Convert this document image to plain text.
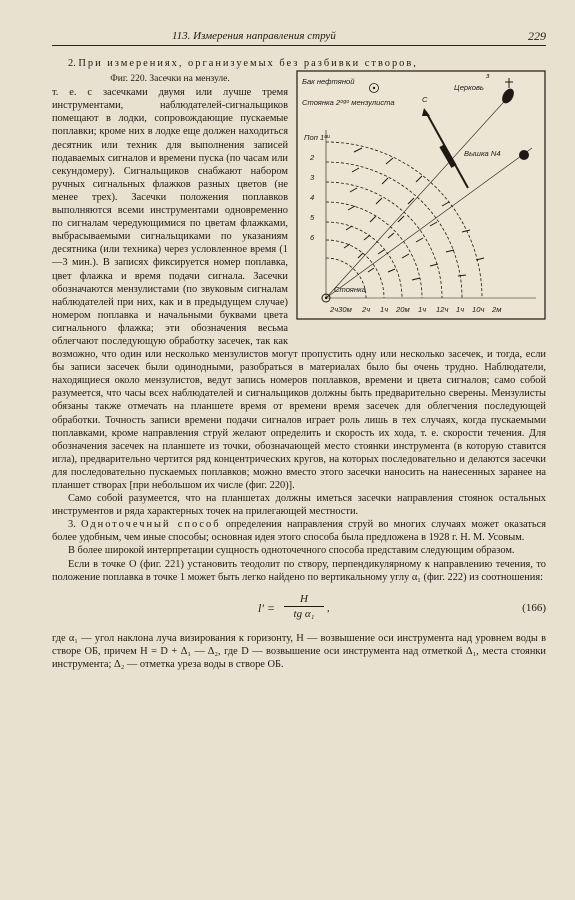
113. Измерения направления струй	229

2. При измерениях, организуемых без разбивки створов,
Бак нефтяной
Стоянка 2ᵒᵍᵒ мензулиста
Церковь
С
з
Вышка N4
Поп 1ᵘᵘ
2
3
4
5
6
Стоянка
2ч30м 2ч 1ч 20м 1ч 12ч 1ч 10ч 2м

Фиг. 220. Засечки на мензуле.
т. е. с засечками двумя или лучше тремя инструментами, наблюдателей-сигнальщиков помещают в лодки, сопровождающие пускаемые поплавки; кроме них в лодке еще должен находиться десятник или техник для выполнения записей подаваемых сигналов и времени пуска (по часам или секундомеру). Сигнальщиков снабжают набором ручных сигнальных флажков разных цветов (не менее трех). Засечки положения поплавков выполняются всеми инструментами одновременно по сигналам чередующимися по цветам флажками, выбрасываемыми сигнальщиками по указаниям десятника (или техника) через условленное время (1—3 мин.). В записях фиксируется номер поплавка, цвет флажка и время подачи сигнала. Засечки обозначаются мензулистами (по звуковым сигналам наблюдателей при них, как и в предыдущем случае) номером поплавка и начальными буквами цвета сигнального флажка; эти обозначения весьма облегчают последующую обработку засечек, так как возможно, что один или несколько мензулистов могут пропустить одну или несколько засечек, и тогда, если бы записи засечек были одинодными, разобраться в материалах было бы очень трудно. Наблюдатели, находящиеся около мензулистов, ведут запись номеров поплавков, времени и цвета сигналов; само собой разумеется, что часы всех наблюдателей и сигнальщиков должны быть предварительно сверены. Мензулисты обязаны также отмечать на планшете время от времени время засечек для облегчения последующей обработки. Точность записи времени подачи сигналов играет роль лишь в тех случаях, когда пускаемыми поплавками, кроме направления струй желают определить и скорость их хода, т. е. скорости течения. Для обозначения засечек на планшете из точки, обозначающей место стоянки инструмента (в которую ставится игла), предварительно чертится ряд концентрических кругов, на которых последовательно и делаются засечки для последовательно пускаемых поплавков; можно вместо этого засечки наносить на нанесенных заранее на планшет створах [при небольшом их числе (фиг. 220)].

Само собой разумеется, что на планшетах должны иметься засечки направления стоянок остальных инструментов и ряда характерных точек на прилегающей местности.

3. Одноточечный способ определения направления струй во многих случаях может оказаться более удобным, чем иные способы; основная идея этого способа была предложена в 1928 г. Н. М. Усовым.

В более широкой интерпретации сущность одноточечного способа представим следующим образом.

Если в точке O (фиг. 221) установить теодолит по створу, перпендикулярному к направлению течения, то положение поплавка в точке 1 может быть легко найдено по вертикальному углу α₁ (фиг. 222) из соотношения:

$l' = \frac{H}{\text{tg α₁}}$ ,	(166)

где α₁ — угол наклона луча визирования к горизонту, H — возвышение оси инструмента над уровнем воды в створе OБ, причем H = D + Δ₁ — Δ₂, где D — возвышение оси инструмента над отметкой Δ₁, места стоянки инструмента; Δ₂ — отметка уреза воды в створе OБ.
